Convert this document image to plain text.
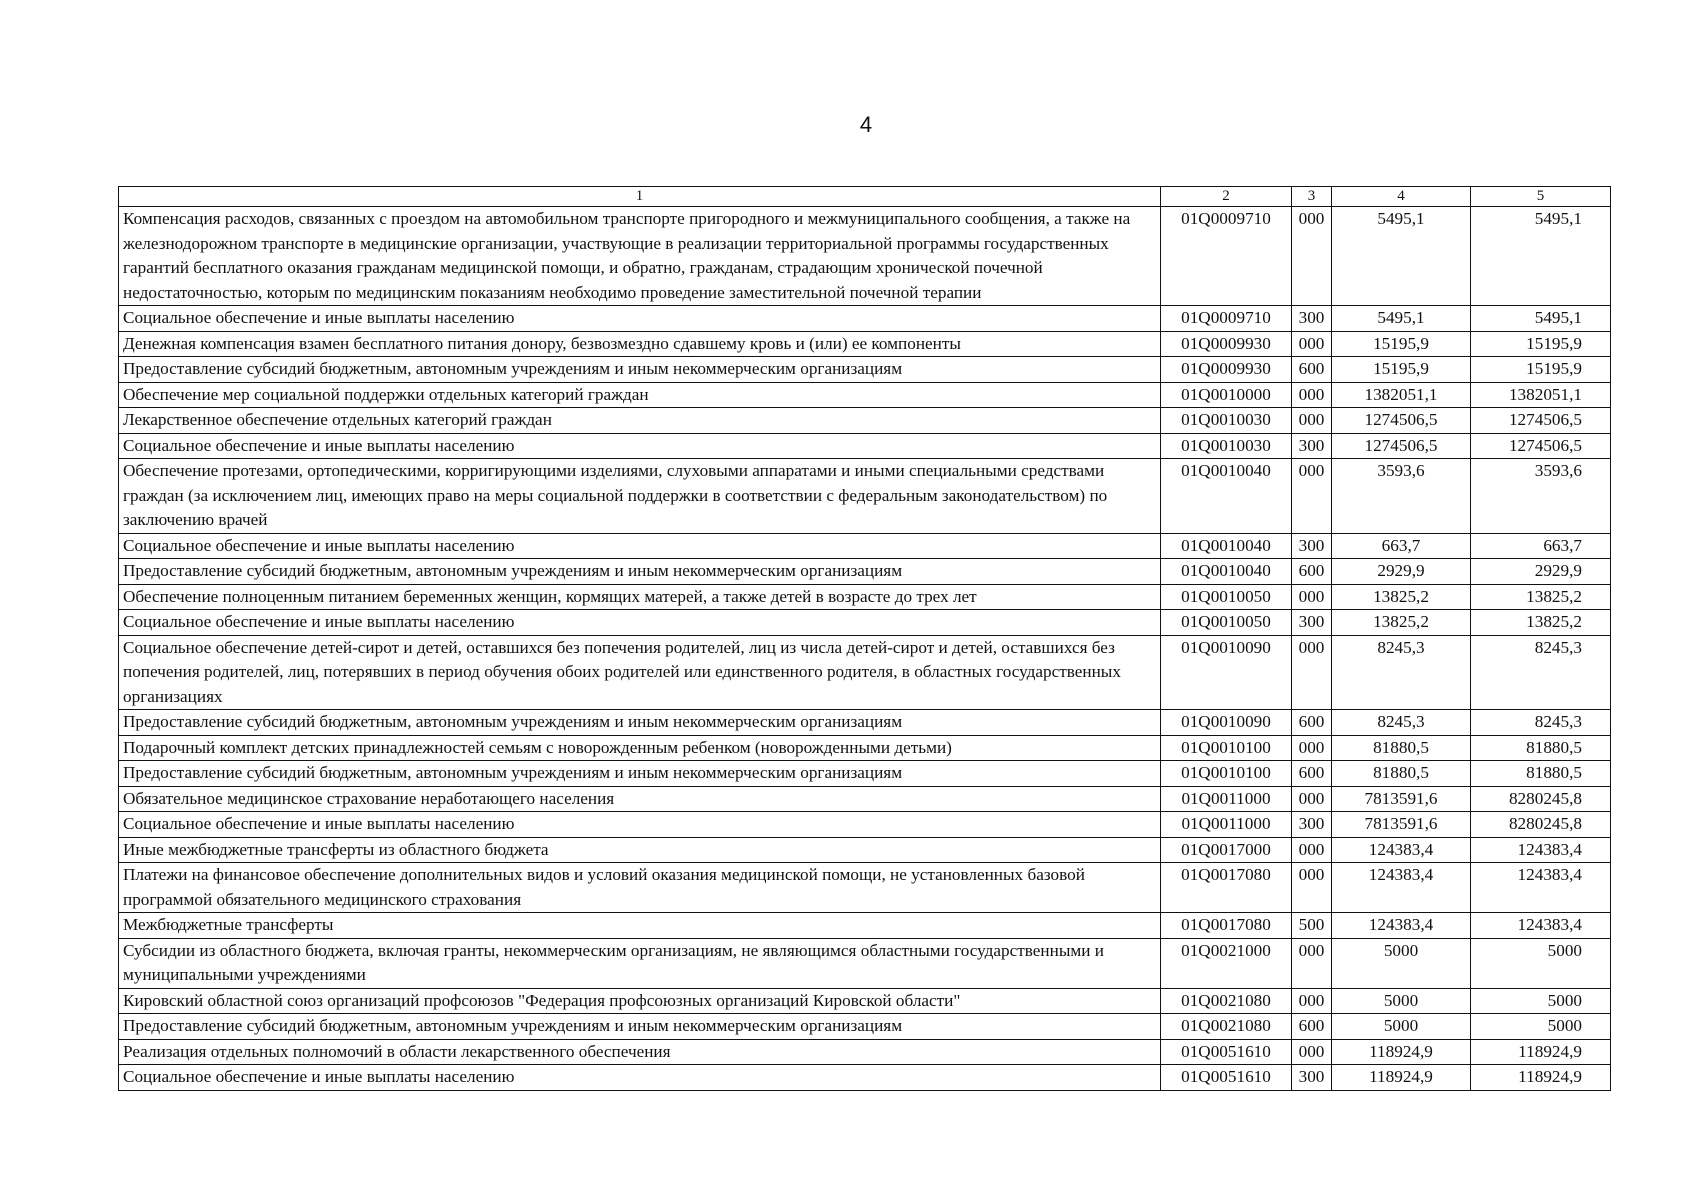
4
1	2	3	4	5
Компенсация расходов, связанных с проездом на автомобильном транспорте пригородного и межмуниципального сообщения, а также на железнодорожном транспорте в медицинские организации, участвующие в реализации территориальной программы государственных гарантий бесплатного оказания гражданам медицинской помощи, и обратно, гражданам, страдающим хронической почечной недостаточностью, которым по медицинским показаниям необходимо проведение заместительной почечной терапии	01Q0009710	000	5495,1	5495,1
Социальное обеспечение и иные выплаты населению	01Q0009710	300	5495,1	5495,1
Денежная компенсация взамен бесплатного питания донору, безвозмездно сдавшему кровь и (или) ее компоненты	01Q0009930	000	15195,9	15195,9
Предоставление субсидий бюджетным, автономным учреждениям и иным некоммерческим организациям	01Q0009930	600	15195,9	15195,9
Обеспечение мер социальной поддержки отдельных категорий граждан	01Q0010000	000	1382051,1	1382051,1
Лекарственное обеспечение отдельных категорий граждан	01Q0010030	000	1274506,5	1274506,5
Социальное обеспечение и иные выплаты населению	01Q0010030	300	1274506,5	1274506,5
Обеспечение протезами, ортопедическими, корригирующими изделиями, слуховыми аппаратами и иными специальными средствами граждан (за исключением лиц, имеющих право на меры социальной поддержки в соответствии с федеральным законодательством) по заключению врачей	01Q0010040	000	3593,6	3593,6
Социальное обеспечение и иные выплаты населению	01Q0010040	300	663,7	663,7
Предоставление субсидий бюджетным, автономным учреждениям и иным некоммерческим организациям	01Q0010040	600	2929,9	2929,9
Обеспечение полноценным питанием беременных женщин, кормящих матерей, а также детей в возрасте до трех лет	01Q0010050	000	13825,2	13825,2
Социальное обеспечение и иные выплаты населению	01Q0010050	300	13825,2	13825,2
Социальное обеспечение детей-сирот и детей, оставшихся без попечения родителей, лиц из числа детей-сирот и детей, оставшихся без попечения родителей, лиц, потерявших в период обучения обоих родителей или единственного родителя, в областных государственных организациях	01Q0010090	000	8245,3	8245,3
Предоставление субсидий бюджетным, автономным учреждениям и иным некоммерческим организациям	01Q0010090	600	8245,3	8245,3
Подарочный комплект детских принадлежностей семьям с новорожденным ребенком (новорожденными детьми)	01Q0010100	000	81880,5	81880,5
Предоставление субсидий бюджетным, автономным учреждениям и иным некоммерческим организациям	01Q0010100	600	81880,5	81880,5
Обязательное медицинское страхование неработающего населения	01Q0011000	000	7813591,6	8280245,8
Социальное обеспечение и иные выплаты населению	01Q0011000	300	7813591,6	8280245,8
Иные межбюджетные трансферты из областного бюджета	01Q0017000	000	124383,4	124383,4
Платежи на финансовое обеспечение дополнительных видов и условий оказания медицинской помощи, не установленных базовой программой обязательного медицинского страхования	01Q0017080	000	124383,4	124383,4
Межбюджетные трансферты	01Q0017080	500	124383,4	124383,4
Субсидии из областного бюджета, включая гранты, некоммерческим организациям, не являющимся областными государственными и муниципальными учреждениями	01Q0021000	000	5000	5000
Кировский областной союз организаций профсоюзов "Федерация профсоюзных организаций Кировской области"	01Q0021080	000	5000	5000
Предоставление субсидий бюджетным, автономным учреждениям и иным некоммерческим организациям	01Q0021080	600	5000	5000
Реализация отдельных полномочий в области лекарственного обеспечения	01Q0051610	000	118924,9	118924,9
Социальное обеспечение и иные выплаты населению	01Q0051610	300	118924,9	118924,9
